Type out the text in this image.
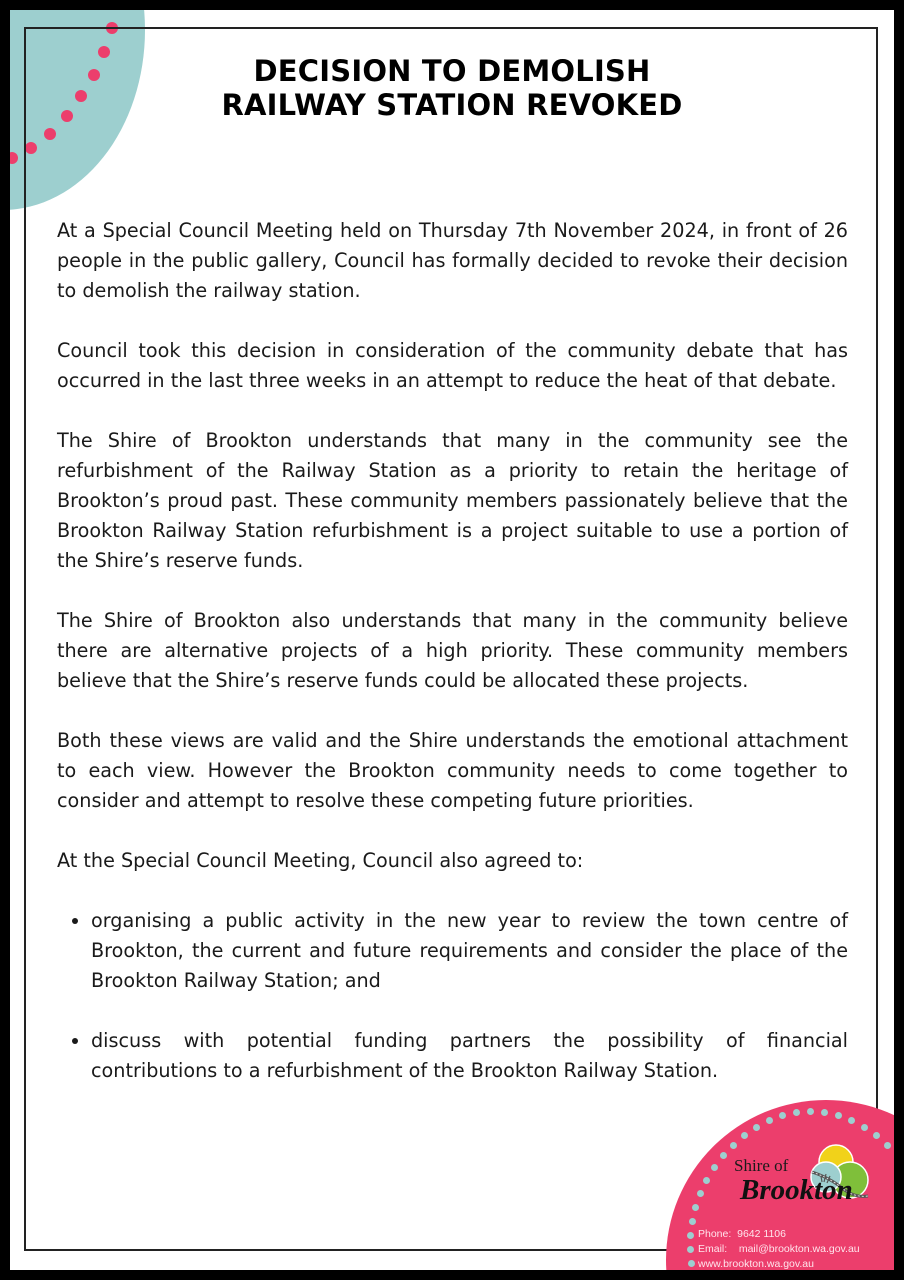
DECISION TO DEMOLISH
RAILWAY STATION REVOKED

At a Special Council Meeting held on Thursday 7th November 2024, in front of 26 people in the public gallery, Council has formally decided to revoke their decision to demolish the railway station.

Council took this decision in consideration of the community debate that has occurred in the last three weeks in an attempt to reduce the heat of that debate.

The Shire of Brookton understands that many in the community see the refurbishment of the Railway Station as a priority to retain the heritage of Brookton’s proud past. These community members passionately believe that the Brookton Railway Station refurbishment is a project suitable to use a portion of the Shire’s reserve funds.

The Shire of Brookton also understands that many in the community believe there are alternative projects of a high priority. These community members believe that the Shire’s reserve funds could be allocated these projects.

Both these views are valid and the Shire understands the emotional attachment to each view. However the Brookton community needs to come together to consider and attempt to resolve these competing future priorities.

At the Special Council Meeting, Council also agreed to:

• organising a public activity in the new year to review the town centre of Brookton, the current and future requirements and consider the place of the Brookton Railway Station; and
• discuss with potential funding partners the possibility of financial contributions to a refurbishment of the Brookton Railway Station.
Shire of
Brookton
Phone:  9642 1106
Email:    mail@brookton.wa.gov.au
www.brookton.wa.gov.au
